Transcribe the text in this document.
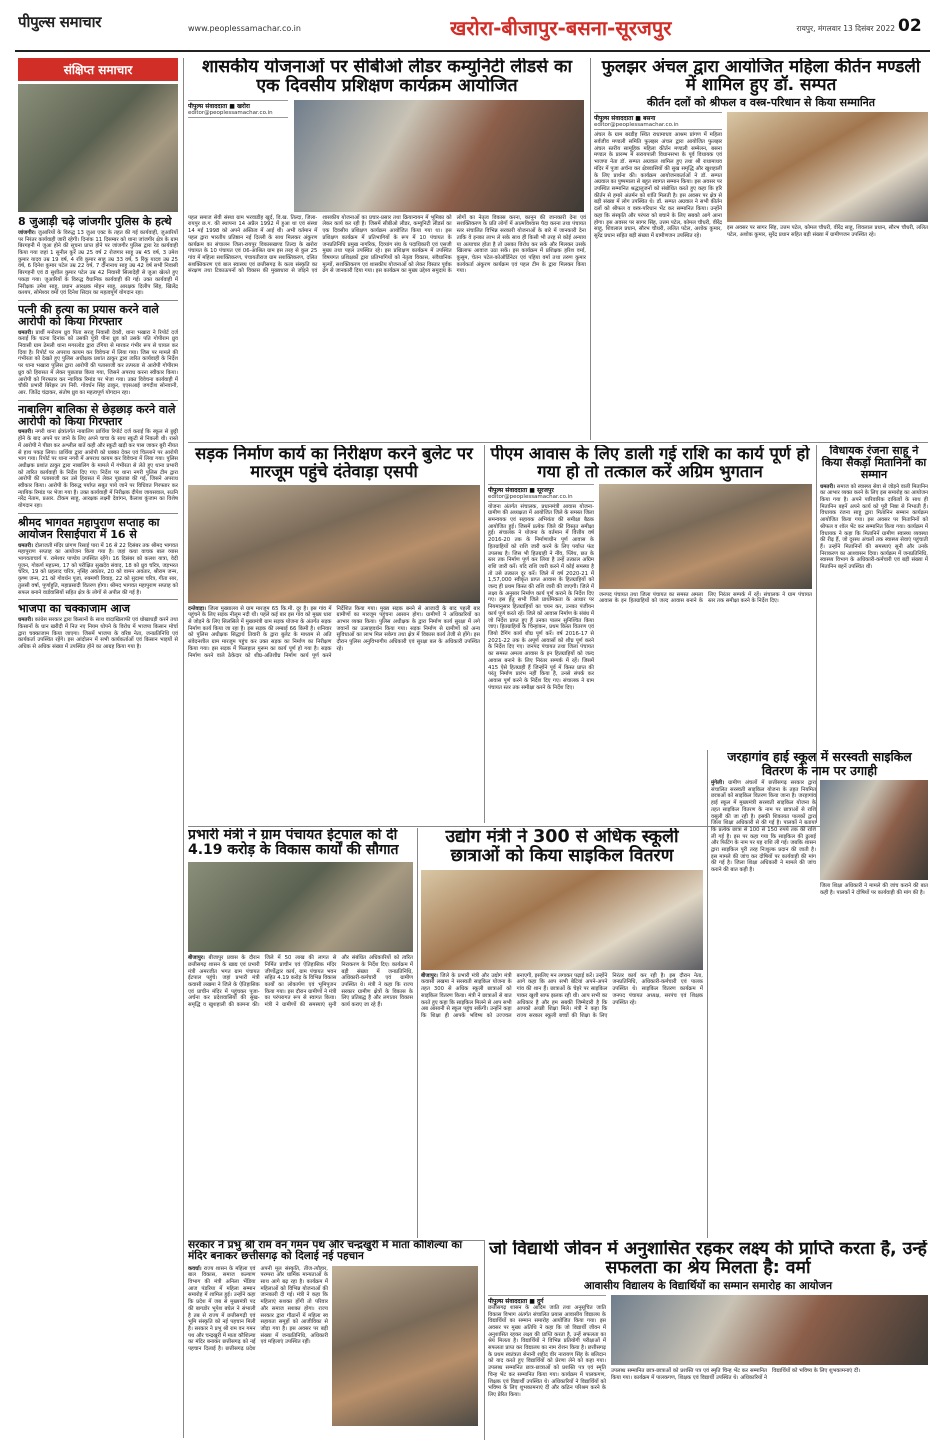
पीपुल्स समाचार	www.peoplessamachar.co.in	खरोरा-बीजापुर-बसना-सूरजपुर	रायपुर, मंगलवार 13 दिसंबर 2022 02
संक्षिप्त समाचार
8 जुआड़ी चढ़े जांजगीर पुलिस के हत्थे
जांजगीर। जुआरियों के विरुद्ध 13 जुआ एक्ट के तहत की गई कार्यवाही, जुआरियों पर निरंतर कार्यवाही जारी रहेगी। दिनांक 11 दिसम्बर को थाना जांजगीर क्षेत्र के ग्राम बिरगहनी में जुआ होने की सूचना प्राप्त होने पर जांजगीर पुलिस द्वारा रेड कार्यवाही किया गया जहां 1 सुनील कुर्रे उम्र 25 वर्ष 2 रोजगार साहू उम्र 45 वर्ष, 3 उमेश कुमार यादव उम्र 19 वर्ष, 4 रवि कुमार साहू उम्र 33 वर्ष, 5 रिंकू यादव उम्र 25 वर्ष, 6 दिनेश कुमार पटेल उम्र 22 वर्ष, 7 दीनानाथ साहू उम्र 42 वर्ष सभी निवासी बिरगहनी एवं 8 सुशील कुमार पटेल उम्र 42 निवासी सिलादेही से जुआ खेलते हुए पकड़ा गया। जुआरियों के विरुद्ध वैधानिक कार्यवाही की गई। उक्त कार्यवाही में निरीक्षक उमेश साहू, प्रधान आरक्षक मोहन साहू, आरक्षक दिलीप सिंह, खिलेंद्र कश्यप, सोमेश्वर वर्मा एवं दिनेश सिदार का महत्वपूर्ण योगदान रहा।
पत्नी की हत्या का प्रयास करने वाले आरोपी को किया गिरफ्तार
धमतरी। प्रार्थी मनोराम ध्रुव पिता सरजू निवासी देवरी, थाना भखारा ने रिपोर्ट दर्ज कराई कि घटना दिनांक को उसकी पुत्री पीना ध्रुव को उसके पति गोपीराम ध्रुव निवासी ग्राम ठेमली थाना मगरलोड द्वारा टंगिया से मारकर गंभीर रूप से घायल कर दिया है। रिपोर्ट पर अपराध कायम कर विवेचना में लिया गया। जिस पर मामले की गंभीरता को देखते हुए पुलिस अधीक्षक प्रशांत ठाकुर द्वारा त्वरित कार्यवाही के निर्देश पर थाना भखारा पुलिस द्वारा आरोपी की पतासाजी कर तत्परता से आरोपी गोपीराम ध्रुव को हिरासत में लेकर पूछताछ किया गया, जिसने अपराध करना स्वीकार किया। आरोपी को गिरफ्तार कर न्यायिक रिमांड पर भेजा गया। उक्त विवेचना कार्यवाही में चौकी प्रभारी बिरेझर उप निरी. गोवर्धन सिंह ठाकुर, एएसआई जगदीश सोनवानी, आर. जितेंद्र चंद्राकर, संतोष ध्रुव का महत्वपूर्ण योगदान रहा।
नाबालिग बालिका से छेड़छाड़ करने वाले आरोपी को किया गिरफ्तार
धमतरी। नगरी थाना क्षेत्रांतर्गत नाबालिग प्रार्थिया रिपोर्ट दर्ज कराई कि स्कूल से छुट्टी होने के बाद अपने घर जाने के लिए अपने चाचा के साथ स्कूटी से निकली थी। रास्ते में आरोपी ने पीछा कर अश्लील बातें कही और स्कूटी खड़ी कर पास जाकर बुरी नीयत से हाथ पकड़ लिया। प्रार्थिया द्वारा आरोपी को धक्का देकर एवं चिल्लाने पर आरोपी भाग गया। रिपोर्ट पर थाना नगरी में अपराध कायम कर विवेचना में लिया गया। पुलिस अधीक्षक प्रशांत ठाकुर द्वारा नाबालिग के मामले में गंभीरता से लेते हुए थाना प्रभारी को त्वरित कार्यवाही के निर्देश दिए गए। निर्देश पर थाना नगरी पुलिस टीम द्वारा आरोपी की पतासाजी कर उसे हिरासत में लेकर पूछताछ की गई, जिसने अपराध स्वीकार किया। आरोपी के विरुद्ध पर्याप्त सबूत पाये जाने पर विधिवत गिरफ्तार कर न्यायिक रिमांड पर भेजा गया है। उक्त कार्यवाही में निरीक्षक दीपेश जायसवाल, सउनि नरेंद्र नेताम, प्रआर. टीकम साहू, आरक्षक लक्ष्मी देवांगन, कैलाश कुंजाम का विशेष योगदान रहा।
श्रीमद भागवत महापुराण सप्ताह का आयोजन रिसाईपारा में 16 से
धमतरी। दोलाजती मंदिर प्रांगण रिसाई पारा में 16 से 22 दिसंबर तक श्रीमद भागवत महापुराण सप्ताह का आयोजन किया गया है। जहां कथा वाचक बाल व्यास भागवताचार्य पं. रामेश्वर पाण्डेय उपस्थित रहेंगे। 16 दिसंबर को कलश यात्रा, वेदी पूजन, गोकर्ण महात्म्य, 17 को परीक्षित सुखदेव संवाद, 18 को ध्रुव चरित्र, जड़भरत चरित्र, 19 को प्रहलाद चरित्र, नृसिंह अवतार, 20 को वामन अवतार, श्रीराम जन्म, कृष्ण जन्म, 21 को गोवर्धन पूजा, रुक्मणी विवाह, 22 को सुदामा चरित्र, गीता सार, तुलसी वर्षा, पूर्णाहुति, महाप्रसादी वितरण होगा। श्रीमद भागवत महापुराण सप्ताह को सफल बनाने वार्डवासियों सहित क्षेत्र के लोगों से अपील की गई है।
भाजपा का चक्काजाम आज
धमतरी। कांग्रेस सरकार द्वारा किसानों के साथ वादाखिलाफी एवं धोखाधड़ी करने तथा किसानों के धान खरीदी में नित नए नियम थोपने के विरोध में भाजपा किसान मोर्चा द्वारा चक्काजाम किया जाएगा। जिसमें भाजपा के वरिष्ठ नेता, जनप्रतिनिधि एवं कार्यकर्ता उपस्थित रहेंगे। इस आंदोलन में सभी कार्यकर्ताओं एवं किसान भाइयों से अधिक से अधिक संख्या में उपस्थित होने का आग्रह किया गया है।
शासकीय योजनाओं पर सीबीओ लीडर कम्युनिटी लीडर्स का एक दिवसीय प्रशिक्षण कार्यक्रम आयोजित
पीपुल्स संवाददाता ■ खरोरा
editor@peoplessamachar.co.in
पहल समाज सेवी संस्था ग्राम भरवाडीह खुर्द, वि.ख. तिल्दा, जिला-रायपुर छ.ग. की स्थापना 14 अप्रैल 1992 में हुआ था एवं संस्था 14 मई 1998 को अपने अस्तित्व में आई थी। अभी वर्तमान में पहल द्वारा भारतीय प्रतिष्ठान नई दिल्ली के साथ मिलकर अंकुरण कार्यक्रम का संचालन जिला-रायपुर विकासखण्ड तिल्दा के खरोरा पंचायत के 10 पंचायत एवं 06-आश्रित ग्राम इस तरह से कुल 25 गांव में महिला सशक्तिकरण, पंचायतीराज ग्राम सशक्तिकरण, दलित सशक्तिकरण एवं बाल स्वास्थ्य एवं छत्तीसगढ़ के कला संस्कृति का संरक्षण तथा टिकाऊपनों को विकास की मुख्यधारा से जोड़ने एवं शासकीय योजनाओं का प्रचार-प्रसार तथा क्रियान्वयन में भूमिका को लेकर कार्य कर रही है। जिसमें सीबीओ लीडर, कम्युनिटी लीडर्स का एक दिवसीय प्रशिक्षण कार्यक्रम आयोजित किया गया था। इस प्रशिक्षण कार्यक्रम में प्रतिभागियों के रूप में 10 पंचायत के जनप्रतिनिधि प्रमुख नागरिक, दिव्यांग संघ के पदाधिकारी एवं एसजी मुख्य तथा पहल उपस्थित रहे। इस प्रशिक्षण कार्यक्रम में उपस्थित विषयगत प्रशिक्षकों द्वारा प्रतिभागियों को नेतृत्व विकास, संवैधानिक मूल्यों, सशक्तिकरण एवं शासकीय योजनाओं को लेकर विस्तार पूर्वक ढंग से जानकारी दिया गया। इस कार्यक्रम का मुख्य उद्देश्य समुदाय के लोगों का नेतृत्व विकास करना, कानून की जानकारी देना एवं सशक्तिकरण के प्रति लोगों में आत्मविश्वास पैदा करना तथा पंचायत स्तर संचालित विभिन्न सरकारी योजनाओं के बारे में जानकारी देना ताकि वे इनका लाभ ले सके साथ ही किसी भी तरह से कोई अन्याय या अत्याचार होता है तो उसका विरोध कर सके और मिलकर उसके खिलाफ आवाज उठा सकें। इस कार्यक्रम में प्रशिक्षक हरिश वर्मा, कुसुम, चेतन पटेल-कोऑर्डिनेटर एवं पहिया वर्मा तथा तरुण कुमार कार्यकर्ता अंकुरण कार्यक्रम एवं पहल टीम के द्वारा मिलकर किया गया।
फुलझर अंचल द्वारा आयोजित महिला कीर्तन मण्डली में शामिल हुए डॉ. सम्पत
कीर्तन दलों को श्रीफल व वस्त्र-परिधान से किया सम्मानित
पीपुल्स संवाददाता ■ बसना
editor@peoplessamachar.co.in
अंचल के ग्राम बरडीह स्थित राधामाधव आश्रम प्रांगण में महिला सर्वजीव मण्डली समिति फुलझर अंचल द्वारा आयोजित फुलझर अंचल स्तरीय सामूहिक महिला कीर्तन मण्डली सम्मेलन, बसना मण्डल के प्रारम्भ में सरायपाली विधानसभा के पूर्व विधायक एवं भाजपा नेता डॉ. सम्पत अग्रवाल शामिल हुए तथा श्री राधामाधव मंदिर में पूजा अर्चना कर क्षेत्रवासियों की सुख समृद्धि और खुशहाली के लिए प्रार्थना की। कार्यक्रम आयोजनकर्ताओं ने डॉ. सम्पत अग्रवाल का पुष्पमाला से बहुत स्वागत सम्मान किया। इस अवसर पर उपस्थित सम्मानित श्रद्धालुजनों को संबोधित करते हुए कहा कि हरि कीर्तन से हमारे अंतर्मन को शांति मिलती है। इस अवसर पर क्षेत्र से बड़ी संख्या में लोग उपस्थित थे। डॉ. सम्पत अग्रवाल ने सभी कीर्तन दलों को श्रीफल व वस्त्र-परिधान भेंट कर सम्मानित किया। उन्होंने कहा कि संस्कृति और परंपरा को बचाने के लिए सबको आगे आना होगा। इस अवसर पर सागर सिंह, उत्तम पटेल, कोमल चौधरी, वीरेंद्र साहू, शिवलाल प्रधान, सौरभ चौधरी, ललित पटेल, अशोक कुमार, सुरेंद्र प्रधान सहित बड़ी संख्या में ग्रामीणजन उपस्थित रहे।
इस अवसर पर सागर सिंह, उत्तम पटेल, कोमल चौधरी, वीरेंद्र साहू, शिवलाल प्रधान, सौरभ चौधरी, ललित पटेल, अशोक कुमार, सुरेंद्र प्रधान सहित बड़ी संख्या में ग्रामीणजन उपस्थित रहे।
सड़क निर्माण कार्य का निरीक्षण करने बुलेट पर मारजूम पहुंचे दंतेवाड़ा एसपी
दन्तेवाड़ा। जिला मुख्यालय से ग्राम मारजूम 65 कि.मी. दूर है। इस गांव में पहुंचने के लिए सड़क नीलूम नदी थी। पहले कई बार इस गांव को मुख्य धारा से जोड़ने के लिए सिलसिले में मुख्यमंत्री ग्राम सड़क योजना के अंतर्गत सड़क निर्माण कार्य किया जा रहा है। इस सड़क की लम्बाई 66 किमी है। शनिवार को पुलिस अधीक्षक सिद्धार्थ तिवारी के द्वारा बुलेट के माध्यम से अति संवेदनशील ग्राम मारजूम पहुंच कर उक्त सड़क का निर्माण का निरीक्षण किया गया। इस सड़क में फिलहाल मुरूम का कार्य पूर्ण हो गया है। सड़क निर्माण करने वाले ठेकेदार को शीघ्र-अतिशीघ्र निर्माण कार्य पूर्ण करने निर्देशित किया गया। मुख्य सड़क बनने से आजादी के बाद पहली बार ग्रामीणों का मारजूम पहुंचना आसान होगा। ग्रामीणों ने अधिकारियों का आभार व्यक्त किया। पुलिस अधीक्षक के द्वारा निर्माण कार्य सुरक्षा में लगे जवानों का उत्साहवर्धन किया गया। सड़क निर्माण से ग्रामीणों को अन्य सुविधाओं का लाभ मिल सकेगा तथा क्षेत्र में विकास कार्य तेजी से होंगे। इस दौरान पुलिस अनुविभागीय अधिकारी एवं सुरक्षा बल के अधिकारी उपस्थित रहे।
पीएम आवास के लिए डाली गई राशि का कार्य पूर्ण हो गया हो तो तत्काल करें अग्रिम भुगतान
पीपुल्स संवाददाता ■ सूरजपुर
editor@peoplessamachar.co.in
योजना अंतर्गत संचालक, प्रधानमंत्री आवास योजना-ग्रामीण की अध्यक्षता में आयोजित जिले के समस्त जिला समन्वयक एवं सहायक अभियंता की समीक्षा बैठक आयोजित हुई। जिसमें प्रत्येक जिले की विस्तृत समीक्षा हुई। संचालक ने योजना के वर्तमान में वित्तीय वर्ष 2016-20 तक के निर्माणाधीन पूर्ण आवास के हितग्राहियों को राशि जारी करने के लिए पर्याप्त फंड उपलब्ध है। जिस भी हितग्राही ने नींव, प्लिंथ, छत के स्तर तक निर्माण पूर्ण कर लिया है उन्हें तत्काल अग्रिम राशि जारी करें। यदि राशि जारी करने में कोई समस्या है तो उसे तत्काल दूर करें। जिले में वर्ष 2020-21 में 1,57,000 स्वीकृत प्राप्त आवास के हितग्राहियों को जल्द ही प्रथम किस्त की राशि जारी की जाएगी। जिले में लक्ष्य के अनुसार निर्माण कार्य पूर्ण कराने के निर्देश दिए गए। इस हेतु सभी जिले प्राथमिकता के आधार पर नियमानुसार हितग्राहियों का चयन कर, उनका पंजीयन कार्य पूर्ण करते रहें। जिले को आवास निर्माण के संबंध में जो निर्देश प्राप्त हुए हैं उनका पालन सुनिश्चित किया जाए। हितग्राहियों के चिन्हांकन, प्रथम किस्त वितरण एवं जियो टैगिंग कार्य शीघ्र पूर्ण करें। वर्ष 2016-17 से 2021-22 तक के अपूर्ण आवासों को शीघ्र पूर्ण करने के निर्देश दिए गए। जनपद पंचायत तथा जिला पंचायत का समस्त अमला आवास के इन हितग्राहियों को जल्द आवास बनाने के लिए निरंतर सम्पर्क में रहें। जिसमें 415 ऐसे हितग्राही हैं जिन्होंने पूर्व में किस्त प्राप्त की परंतु निर्माण प्रारंभ नहीं किया है, उनसे संपर्क कर आवास पूर्ण करने के निर्देश दिए गए। संचालक ने ग्राम पंचायत स्तर तक समीक्षा करने के निर्देश दिए।
जनपद पंचायत तथा जिला पंचायत का समस्त अमला आवास के इन हितग्राहियों को जल्द आवास बनाने के लिए निरंतर सम्पर्क में रहें। संचालक ने ग्राम पंचायत स्तर तक समीक्षा करने के निर्देश दिए।
विधायक रंजना साहू ने किया सैकड़ों मितानिनों का सम्मान
धमतरी। समाज को स्वास्थ्य सेवा से जोड़ने वाली मितानिन का आभार व्यक्त करने के लिए इस समारोह का आयोजन किया गया है। अपने पारिवारिक दायित्वों के साथ ही मितानिन बहनें अपने कार्य को पूरी निष्ठा से निभाती हैं। विधायक रंजना साहू द्वारा मितानिन सम्मान कार्यक्रम आयोजित किया गया। इस अवसर पर मितानिनों को श्रीफल व शॉल भेंट कर सम्मानित किया गया। कार्यक्रम में विधायक ने कहा कि मितानिनें ग्रामीण स्वास्थ्य व्यवस्था की रीढ़ हैं, जो दूरस्थ अंचलों तक स्वास्थ्य सेवाएं पहुंचाती हैं। उन्होंने मितानिनों की समस्याएं सुनी और उनके निराकरण का आश्वासन दिया। कार्यक्रम में जनप्रतिनिधि, स्वास्थ्य विभाग के अधिकारी-कर्मचारी एवं बड़ी संख्या में मितानिन बहनें उपस्थित थीं।
प्रभारी मंत्री ने ग्राम पंचायत ईटपाल को दी 4.19 करोड़ के विकास कार्यों की सौगात
बीजापुर। बीजापुर प्रवास के दौरान छत्तीसगढ़ शासन के खाद्य एवं प्रभारी मंत्री अमरजीत भगत ग्राम पंचायत ईटपाल पहुंचे। जहां प्रभारी मंत्री कवासी लखमा ने जिले के ऐतिहासिक एवं प्राचीन मंदिर में पहुंचकर पूजा-अर्चना कर प्रदेशवासियों की सुख-समृद्धि व खुशहाली की कामना की। जिले में 50 लाख की लागत से निर्मित प्राचीन एवं ऐतिहासिक मंदिर जीर्णोद्धार कार्य, ग्राम पंचायत भवन सहित 4.19 करोड़ के विभिन्न विकास कार्यों का लोकार्पण एवं भूमिपूजन किया गया। इस दौरान ग्रामीणों ने मंत्री का परंपरागत रूप से स्वागत किया। मंत्री ने ग्रामीणों की समस्याएं सुनी और संबंधित अधिकारियों को त्वरित निराकरण के निर्देश दिए। कार्यक्रम में बड़ी संख्या में जनप्रतिनिधि, अधिकारी-कर्मचारी एवं ग्रामीण उपस्थित थे। मंत्री ने कहा कि राज्य सरकार ग्रामीण क्षेत्रों के विकास के लिए प्रतिबद्ध है और लगातार विकास कार्य कराए जा रहे हैं।
उद्योग मंत्री ने 300 से अधिक स्कूली छात्राओं को किया साइकिल वितरण
बीजापुर। जिले के प्रभारी मंत्री और उद्योग मंत्री कवासी लखमा ने सरस्वती साइकिल योजना के तहत 300 से अधिक स्कूली छात्राओं को साइकिल वितरण किया। मंत्री ने छात्राओं से बात करते हुए कहा कि साइकिल मिलने से आप सभी अब आसानी से स्कूल पहुंच सकेंगी। उन्होंने कहा कि शिक्षा ही आपके भविष्य को उज्ज्वल बनाएगी, इसलिए मन लगाकर पढ़ाई करें। उन्होंने आगे कहा कि आप सभी बेटियां अपने-अपने गांव की शान हैं। छात्राओं के चेहरे पर साइकिल पाकर खुशी साफ झलक रही थी। आप सभी का अधिकार है और हम सबकी जिम्मेदारी है कि आपको अच्छी शिक्षा मिले। मंत्री ने कहा कि राज्य सरकार स्कूली बच्चों की शिक्षा के लिए निरंतर कार्य कर रही है। इस दौरान नेता, जनप्रतिनिधि, अधिकारी-कर्मचारी एवं पालक उपस्थित थे। साइकिल वितरण कार्यक्रम में जनपद पंचायत अध्यक्ष, सरपंच एवं शिक्षक उपस्थित रहे।
जरहागांव हाई स्कूल में सरस्वती साइकिल वितरण के नाम पर उगाही
मुंगेली। ग्रामीण अंचलों में छत्तीसगढ़ सरकार द्वारा संचालित सरस्वती साइकिल योजना के तहत नियमित छात्राओं को साइकिल वितरण किया जाना है। जरहागांव हाई स्कूल में मुख्यमंत्री सरस्वती साइकिल योजना के तहत साइकिल वितरण के नाम पर छात्राओं से राशि वसूली की जा रही है। इसकी शिकायत पालकों द्वारा जिला शिक्षा अधिकारी से की गई है। पालकों ने बताया कि प्रत्येक छात्रा से 100 से 150 रुपये तक की राशि ली गई है। इस पर कहा गया कि साइकिल की ढुलाई और फिटिंग के नाम पर यह राशि ली गई। जबकि शासन द्वारा साइकिल पूरी तरह निःशुल्क प्रदान की जाती है। इस मामले की जांच कर दोषियों पर कार्यवाही की मांग की गई है। जिला शिक्षा अधिकारी ने मामले की जांच कराने की बात कही है।
जिला शिक्षा अधिकारी ने मामले की जांच कराने की बात कही है। पालकों ने दोषियों पर कार्यवाही की मांग की है।
सरकार ने प्रभु श्री राम वन गमन पथ और चन्द्रखुरी में माता कौशिल्या का मंदिर बनाकर छत्तीसगढ़ को दिलाई नई पहचान
कवर्धा। राज्य शासन के महिला एवं बाल विकास, समाज कल्याण विभाग की मंत्री अनिला भेंडिया आज पंडरिया में महिला सम्मान समारोह में शामिल हुई। उन्होंने कहा कि प्रदेश में जब से मुख्यमंत्री पद की बागडोर भूपेश बघेल ने संभाली है तब से राज्य में छत्तीसगढ़ी एवं भूमि संस्कृति को नई पहचान मिली है। सरकार ने प्रभु श्री राम वन गमन पथ और चन्द्रखुरी में माता कौशिल्या का मंदिर बनाकर छत्तीसगढ़ को नई पहचान दिलाई है। छत्तीसगढ़ प्रदेश अपनी मूल संस्कृति, तीज-त्यौहार, परम्परा और धार्मिक मान्यताओं के साथ आगे बढ़ रहा है। कार्यक्रम में महिलाओं को विभिन्न योजनाओं की जानकारी दी गई। मंत्री ने कहा कि महिलाएं सशक्त होंगी तो परिवार और समाज सशक्त होगा। राज्य सरकार द्वारा गौठानों में महिला स्व सहायता समूहों को आजीविका से जोड़ा गया है। इस अवसर पर बड़ी संख्या में जनप्रतिनिधि, अधिकारी एवं महिलाएं उपस्थित रहीं।
जो विद्यार्थी जीवन में अनुशासित रहकर लक्ष्य की प्राप्ति करता है, उन्हें सफलता का श्रेय मिलता है: वर्मा
आवासीय विद्यालय के विद्यार्थियों का सम्मान समारोह का आयोजन
पीपुल्स संवाददाता ■ दुर्ग
छत्तीसगढ़ शासन के आदिम जाति तथा अनुसूचित जाति विकास विभाग अंतर्गत संचालित प्रयास आवासीय विद्यालय के विद्यार्थियों का सम्मान समारोह आयोजित किया गया। इस अवसर पर मुख्य अतिथि ने कहा कि जो विद्यार्थी जीवन में अनुशासित रहकर लक्ष्य की प्राप्ति करता है, उन्हें सफलता का श्रेय मिलता है। विद्यार्थियों ने विभिन्न प्रतियोगी परीक्षाओं में सफलता प्राप्त कर विद्यालय का नाम रोशन किया है। छत्तीसगढ़ के प्रथम स्वतंत्रता सेनानी शहीद वीर नारायण सिंह के बलिदान को याद करते हुए विद्यार्थियों को प्रेरणा लेने को कहा गया। उपलब्ध सम्मानित छात्र-छात्राओं को प्रशस्ति पत्र एवं स्मृति चिन्ह भेंट कर सम्मानित किया गया। कार्यक्रम में पालकगण, शिक्षक एवं विद्यार्थी उपस्थित थे। अधिकारियों ने विद्यार्थियों को भविष्य के लिए शुभकामनाएं दीं और कठिन परिश्रम करने के लिए प्रेरित किया।
उपलब्ध सम्मानित छात्र-छात्राओं को प्रशस्ति पत्र एवं स्मृति चिन्ह भेंट कर सम्मानित किया गया। कार्यक्रम में पालकगण, शिक्षक एवं विद्यार्थी उपस्थित थे। अधिकारियों ने विद्यार्थियों को भविष्य के लिए शुभकामनाएं दीं।
